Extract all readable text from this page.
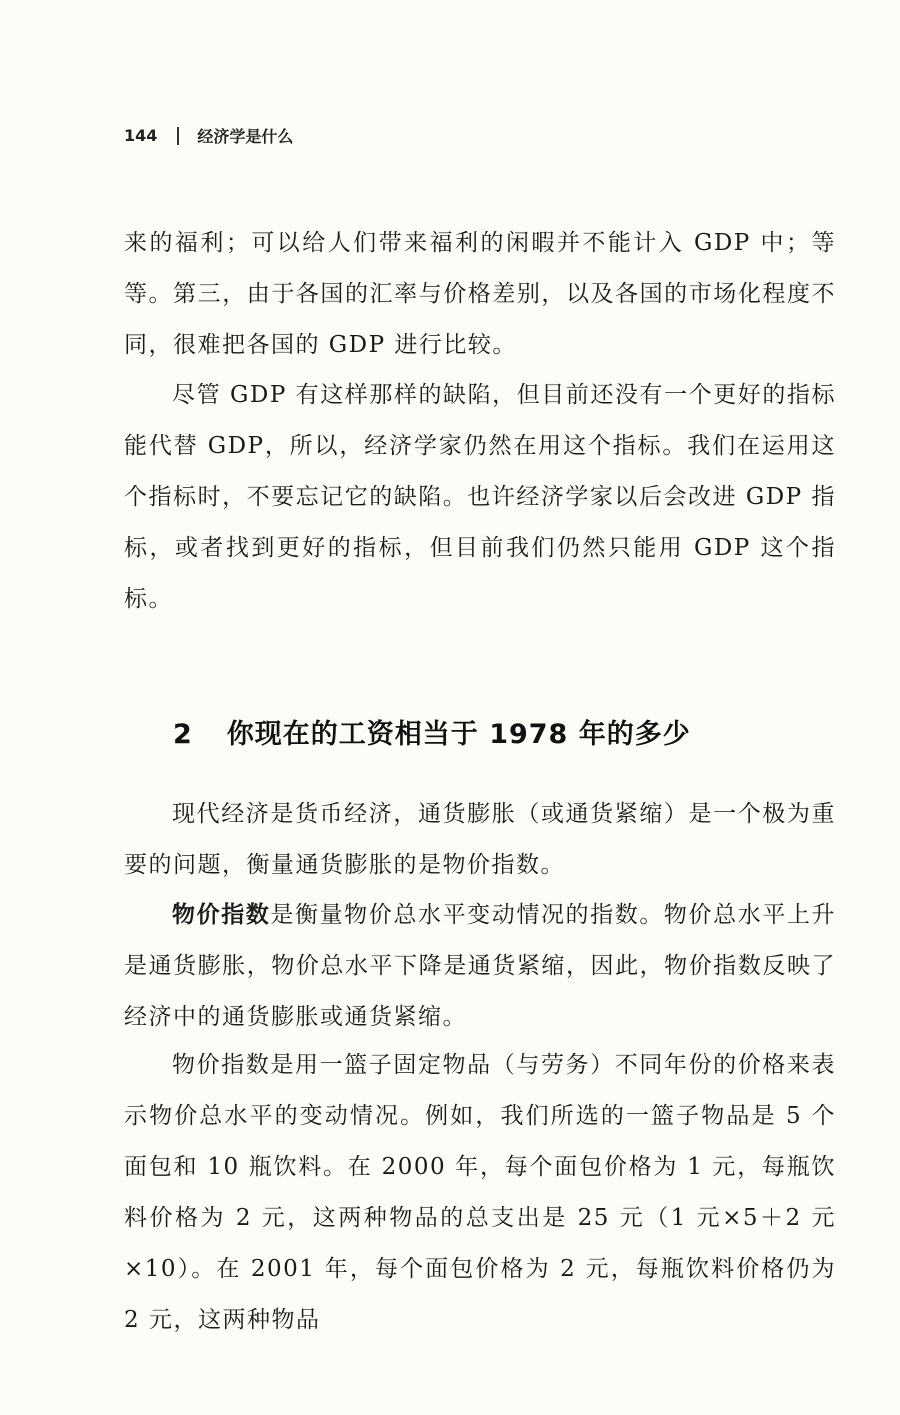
144	经济学是什么

来的福利；可以给人们带来福利的闲暇并不能计入 GDP 中；等等。第三，由于各国的汇率与价格差别，以及各国的市场化程度不同，很难把各国的 GDP 进行比较。

尽管 GDP 有这样那样的缺陷，但目前还没有一个更好的指标能代替 GDP，所以，经济学家仍然在用这个指标。我们在运用这个指标时，不要忘记它的缺陷。也许经济学家以后会改进 GDP 指标，或者找到更好的指标，但目前我们仍然只能用 GDP 这个指标。

2 你现在的工资相当于 1978 年的多少

现代经济是货币经济，通货膨胀（或通货紧缩）是一个极为重要的问题，衡量通货膨胀的是物价指数。

物价指数是衡量物价总水平变动情况的指数。物价总水平上升是通货膨胀，物价总水平下降是通货紧缩，因此，物价指数反映了经济中的通货膨胀或通货紧缩。

物价指数是用一篮子固定物品（与劳务）不同年份的价格来表示物价总水平的变动情况。例如，我们所选的一篮子物品是 5 个面包和 10 瓶饮料。在 2000 年，每个面包价格为 1 元，每瓶饮料价格为 2 元，这两种物品的总支出是 25 元（1 元×5＋2 元×10）。在 2001 年，每个面包价格为 2 元，每瓶饮料价格仍为 2 元，这两种物品
